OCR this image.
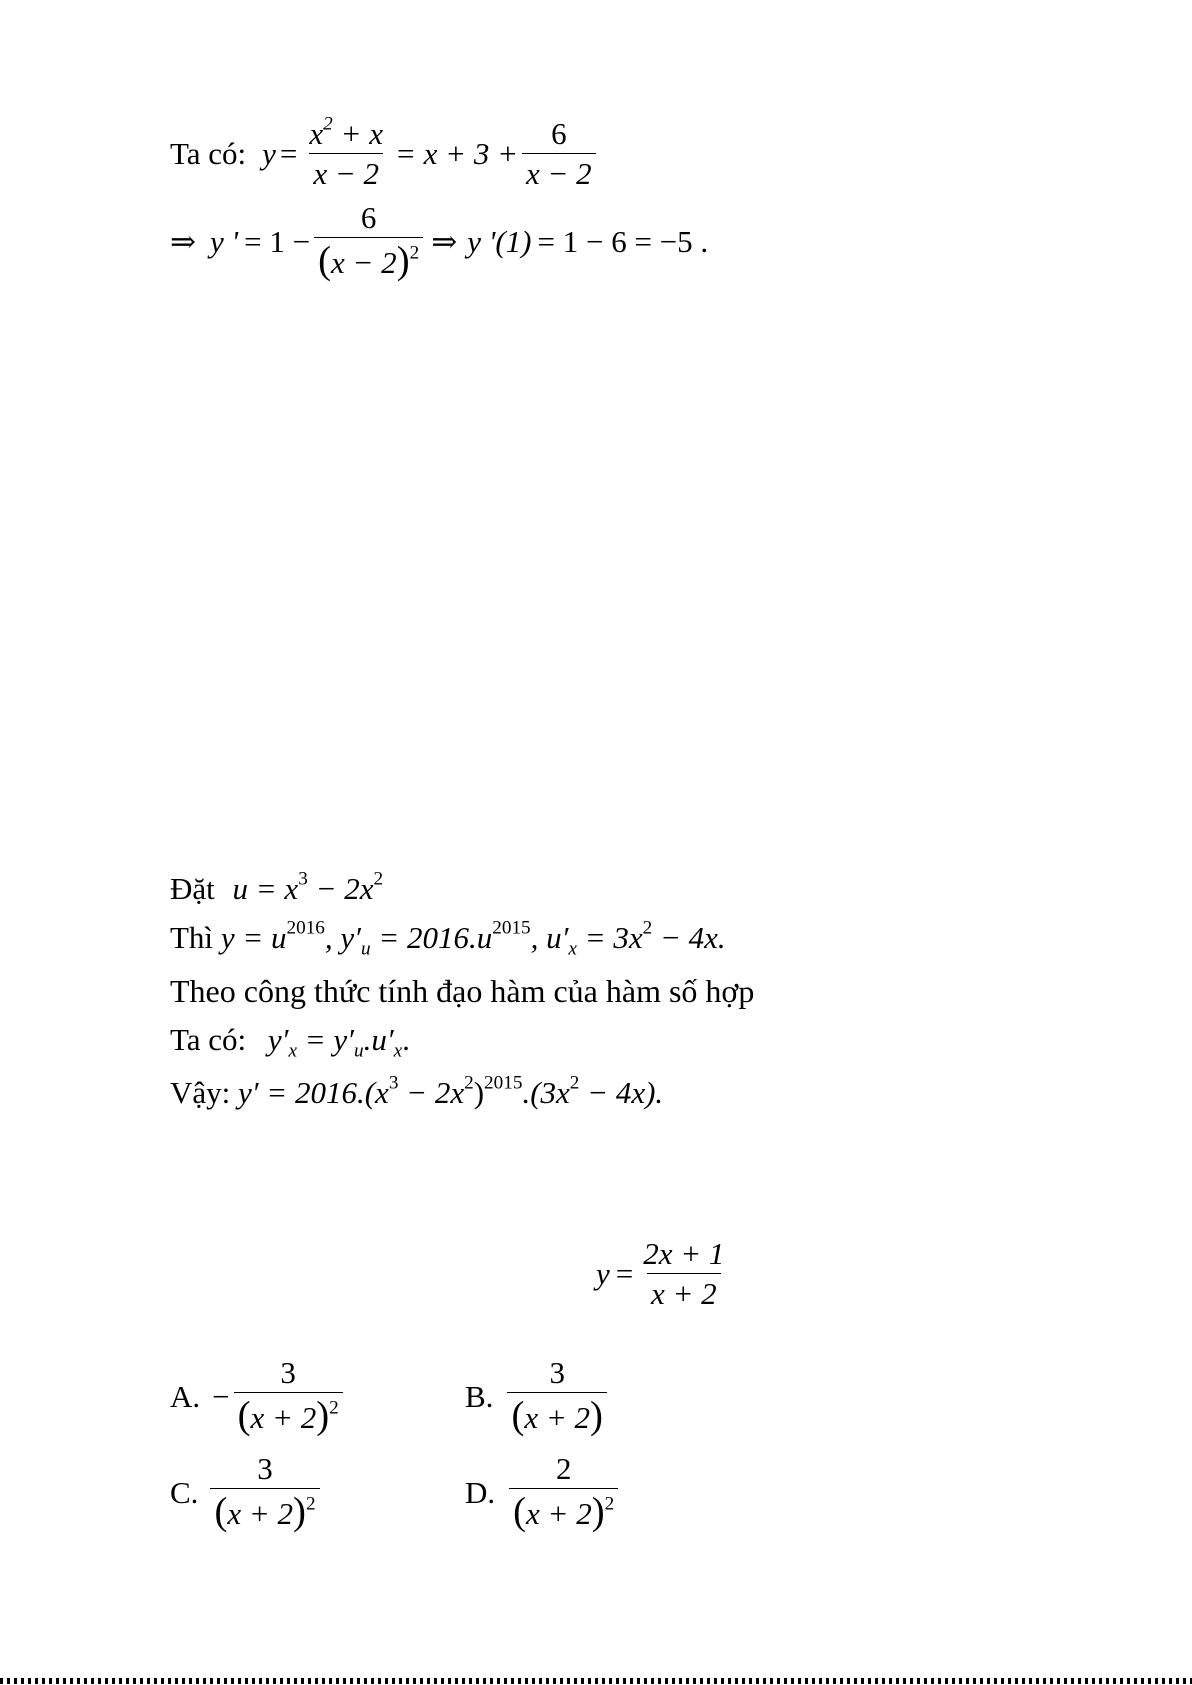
Ta có: $y = \frac{x^2 + x}{x - 2} = x + 3 + \frac{6}{x - 2}$
⇒ y ' = $1 - \frac{6}{(x - 2)^2}$ ⇒ y '(1) = 1 − 6 = −5 .
Đặt $u = x^3 - 2x^2$
Thì $y = u^{2016}$, $y'_u = 2016.u^{2015}$, $u'_x = 3x^2 - 4x$.
Theo công thức tính đạo hàm của hàm số hợp
Ta có: $y'_x = y'_u.u'_x$.
Vậy: $y' = 2016.(x^3 - 2x^2)^{2015}.(3x^2 - 4x)$.
$y = \frac{2x + 1}{x + 2}$
A. − $\frac{3}{(x + 2)^2}$	B. $\frac{3}{(x + 2)}$
C. $\frac{3}{(x + 2)^2}$	D. $\frac{2}{(x + 2)^2}$
